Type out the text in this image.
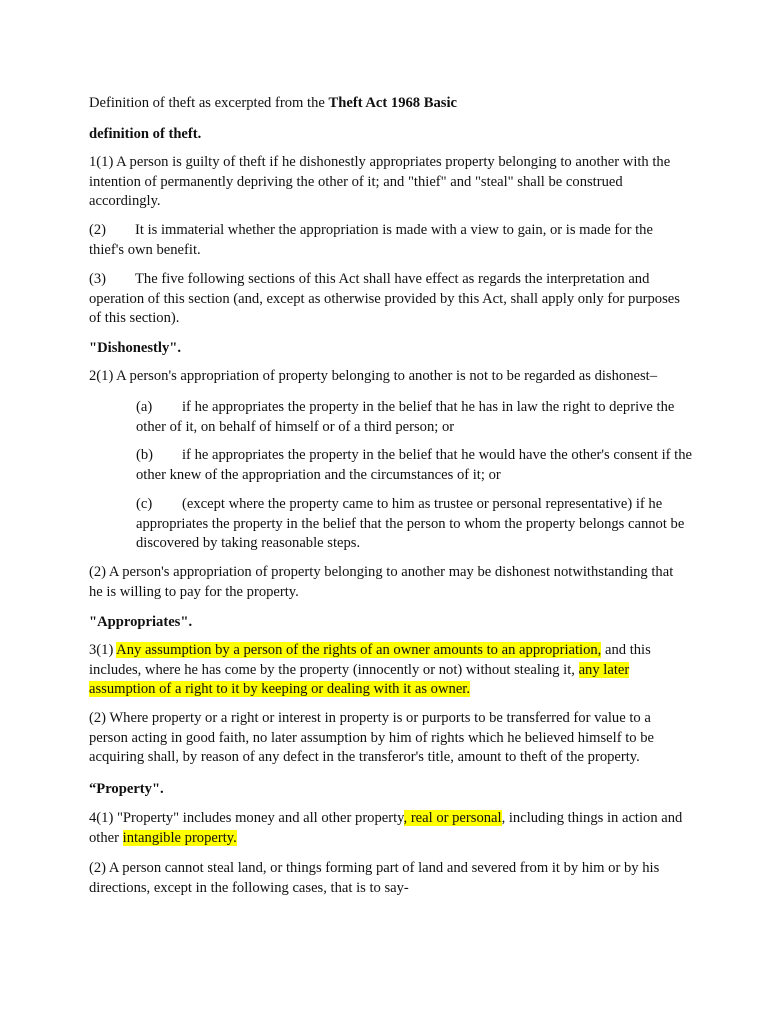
Definition of theft as excerpted from the Theft Act 1968 Basic

definition of theft.

1(1) A person is guilty of theft if he dishonestly appropriates property belonging to another with the intention of permanently depriving the other of it; and "thief" and "steal" shall be construed accordingly.

(2) It is immaterial whether the appropriation is made with a view to gain, or is made for the thief's own benefit.

(3) The five following sections of this Act shall have effect as regards the interpretation and operation of this section (and, except as otherwise provided by this Act, shall apply only for purposes of this section).

"Dishonestly".

2(1) A person's appropriation of property belonging to another is not to be regarded as dishonest–

(a) if he appropriates the property in the belief that he has in law the right to deprive the other of it, on behalf of himself or of a third person; or

(b) if he appropriates the property in the belief that he would have the other's consent if the other knew of the appropriation and the circumstances of it; or

(c) (except where the property came to him as trustee or personal representative) if he appropriates the property in the belief that the person to whom the property belongs cannot be discovered by taking reasonable steps.

(2) A person's appropriation of property belonging to another may be dishonest notwithstanding that he is willing to pay for the property.

"Appropriates".

3(1) Any assumption by a person of the rights of an owner amounts to an appropriation, and this includes, where he has come by the property (innocently or not) without stealing it, any later assumption of a right to it by keeping or dealing with it as owner.

(2) Where property or a right or interest in property is or purports to be transferred for value to a person acting in good faith, no later assumption by him of rights which he believed himself to be acquiring shall, by reason of any defect in the transferor's title, amount to theft of the property.

“Property".

4(1) "Property" includes money and all other property, real or personal, including things in action and other intangible property.

(2) A person cannot steal land, or things forming part of land and severed from it by him or by his directions, except in the following cases, that is to say-
